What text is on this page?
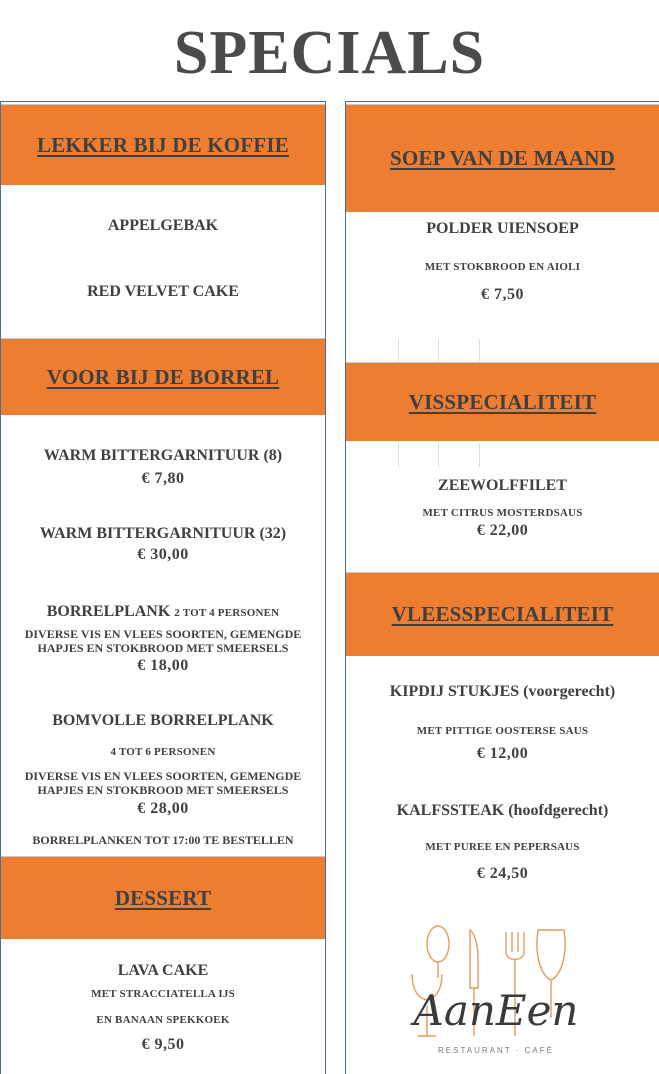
SPECIALS
LEKKER BIJ DE KOFFIE
APPELGEBAK
RED VELVET CAKE
VOOR BIJ DE BORREL
WARM BITTERGARNITUUR (8)
€ 7,80
WARM BITTERGARNITUUR (32)
€ 30,00
BORRELPLANK 2 TOT 4 PERSONEN
DIVERSE VIS EN VLEES SOORTEN, GEMENGDE
HAPJES EN STOKBROOD MET SMEERSELS
€ 18,00
BOMVOLLE BORRELPLANK
4 TOT 6 PERSONEN
DIVERSE VIS EN VLEES SOORTEN, GEMENGDE
HAPJES EN STOKBROOD MET SMEERSELS
€ 28,00
BORRELPLANKEN TOT 17:00 TE BESTELLEN
DESSERT
LAVA CAKE
MET STRACCIATELLA IJS
EN BANAAN SPEKKOEK
€ 9,50
SOEP VAN DE MAAND
POLDER UIENSOEP
MET STOKBROOD EN AIOLI
€ 7,50
VISSPECIALITEIT
ZEEWOLFFILET
MET CITRUS MOSTERDSAUS
€ 22,00
VLEESSPECIALITEIT
KIPDIJ STUKJES (voorgerecht)
MET PITTIGE OOSTERSE SAUS
€ 12,00
KALFSSTEAK (hoofdgerecht)
MET PUREE EN PEPERSAUS
€ 24,50
AanEen
RESTAURANT · CAFÉ
